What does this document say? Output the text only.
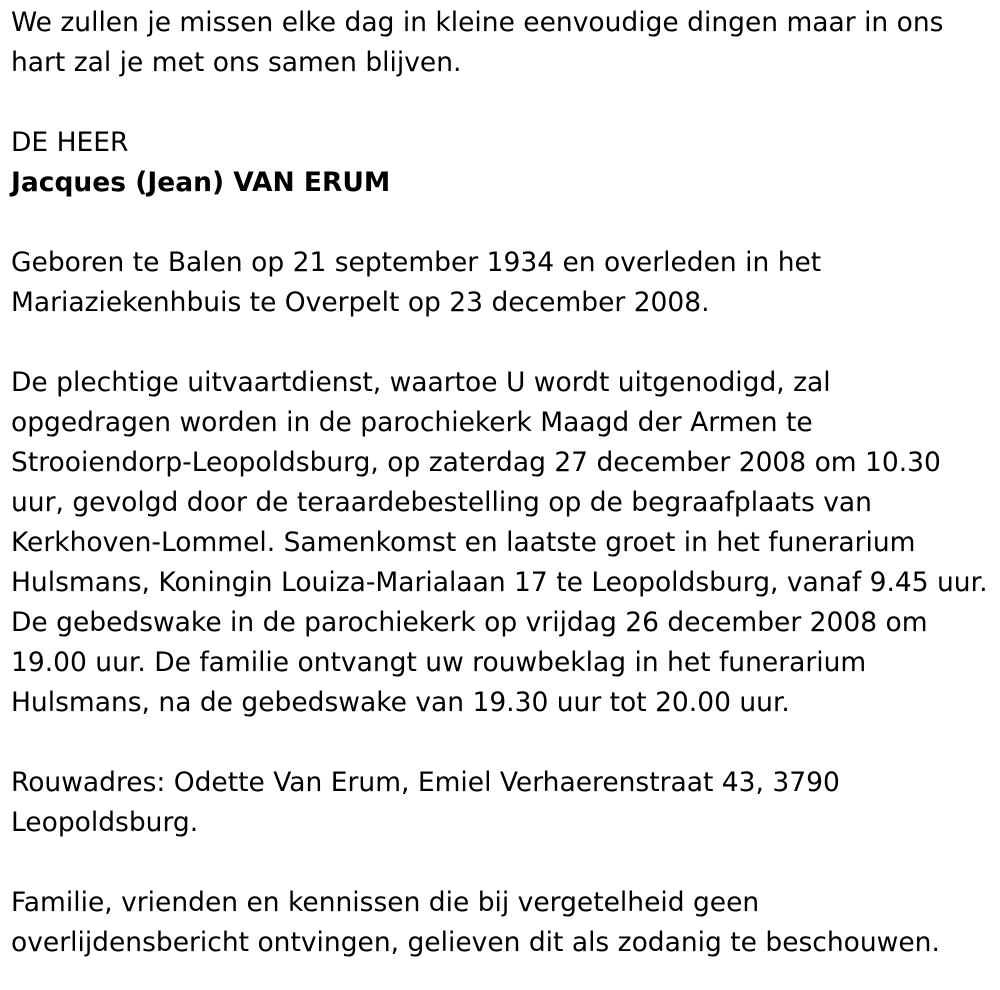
We zullen je missen elke dag in kleine eenvoudige dingen maar in ons
hart zal je met ons samen blijven.
DE HEER
Jacques (Jean) VAN ERUM
Geboren te Balen op 21 september 1934 en overleden in het
Mariaziekenhbuis te Overpelt op 23 december 2008.
De plechtige uitvaartdienst, waartoe U wordt uitgenodigd, zal
opgedragen worden in de parochiekerk Maagd der Armen te
Strooiendorp-Leopoldsburg, op zaterdag 27 december 2008 om 10.30
uur, gevolgd door de teraardebestelling op de begraafplaats van
Kerkhoven-Lommel. Samenkomst en laatste groet in het funerarium
Hulsmans, Koningin Louiza-Marialaan 17 te Leopoldsburg, vanaf 9.45 uur.
De gebedswake in de parochiekerk op vrijdag 26 december 2008 om
19.00 uur. De familie ontvangt uw rouwbeklag in het funerarium
Hulsmans, na de gebedswake van 19.30 uur tot 20.00 uur.
Rouwadres: Odette Van Erum, Emiel Verhaerenstraat 43, 3790
Leopoldsburg.
Familie, vrienden en kennissen die bij vergetelheid geen
overlijdensbericht ontvingen, gelieven dit als zodanig te beschouwen.
